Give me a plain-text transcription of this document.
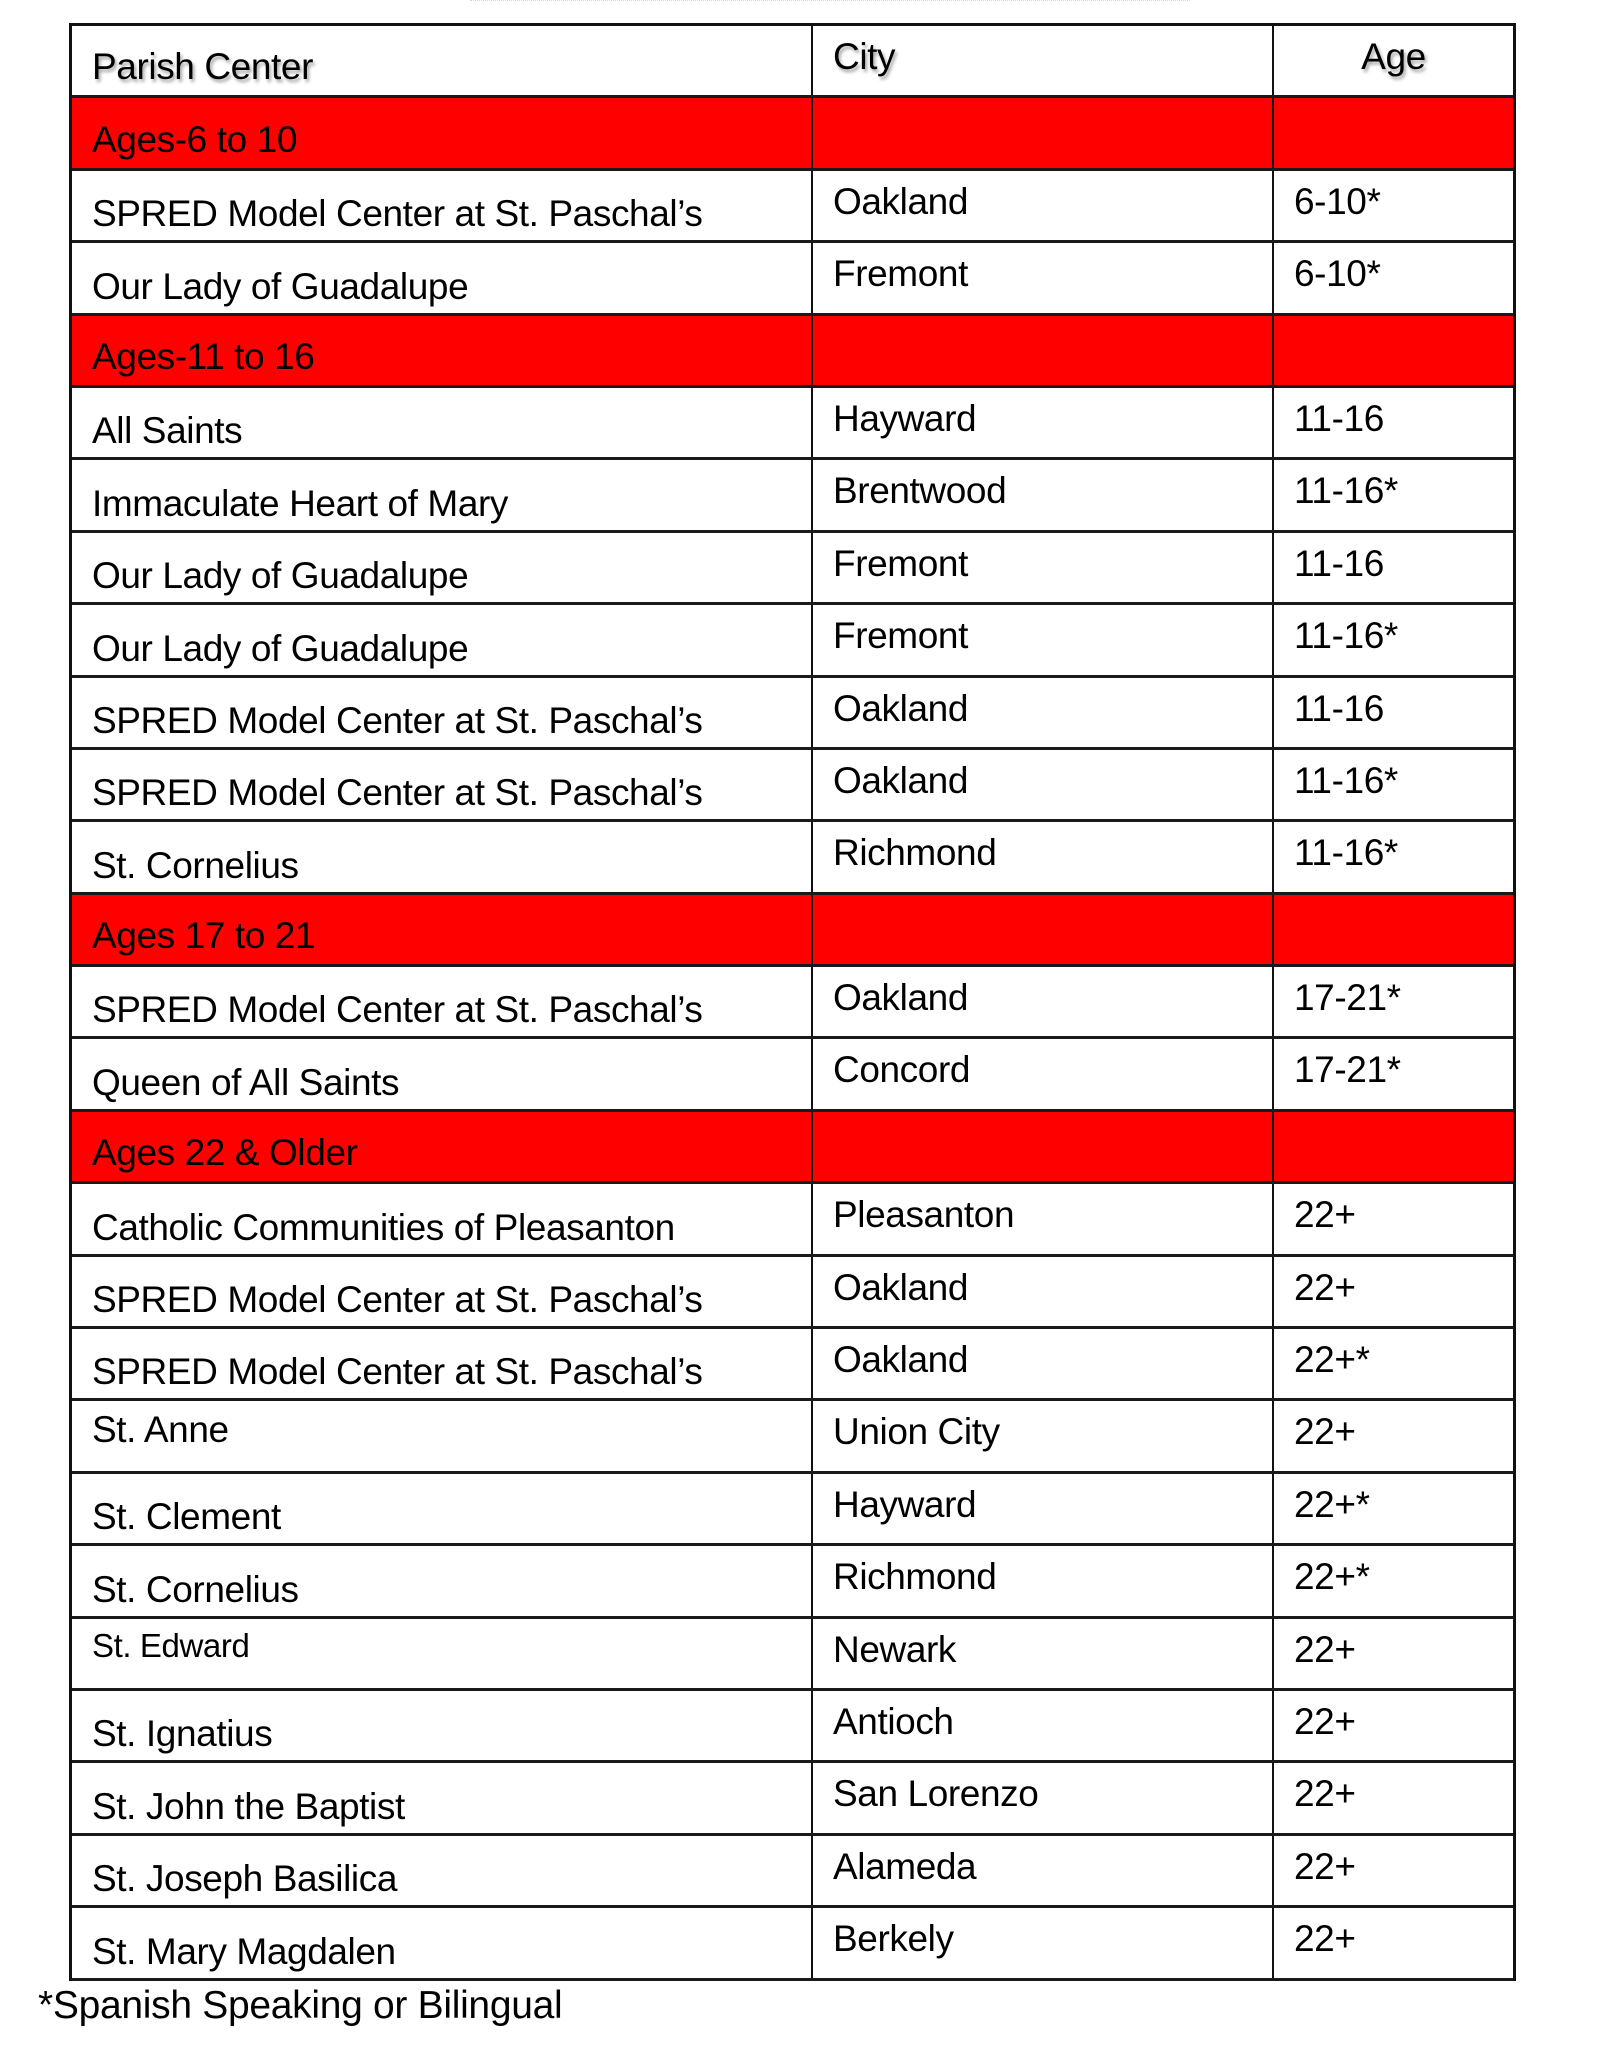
Parish Center	City	Age
Ages-6 to 10
SPRED Model Center at St. Paschal’s	Oakland	6-10*
Our Lady of Guadalupe	Fremont	6-10*
Ages-11 to 16
All Saints	Hayward	11-16
Immaculate Heart of Mary	Brentwood	11-16*
Our Lady of Guadalupe	Fremont	11-16
Our Lady of Guadalupe	Fremont	11-16*
SPRED Model Center at St. Paschal’s	Oakland	11-16
SPRED Model Center at St. Paschal’s	Oakland	11-16*
St. Cornelius	Richmond	11-16*
Ages 17 to 21
SPRED Model Center at St. Paschal’s	Oakland	17-21*
Queen of All Saints	Concord	17-21*
Ages 22 & Older
Catholic Communities of Pleasanton	Pleasanton	22+
SPRED Model Center at St. Paschal’s	Oakland	22+
SPRED Model Center at St. Paschal’s	Oakland	22+*
St. Anne	Union City	22+
St. Clement	Hayward	22+*
St. Cornelius	Richmond	22+*
St. Edward	Newark	22+
St. Ignatius	Antioch	22+
St. John the Baptist	San Lorenzo	22+
St. Joseph Basilica	Alameda	22+
St. Mary Magdalen	Berkely	22+
*Spanish Speaking or Bilingual
